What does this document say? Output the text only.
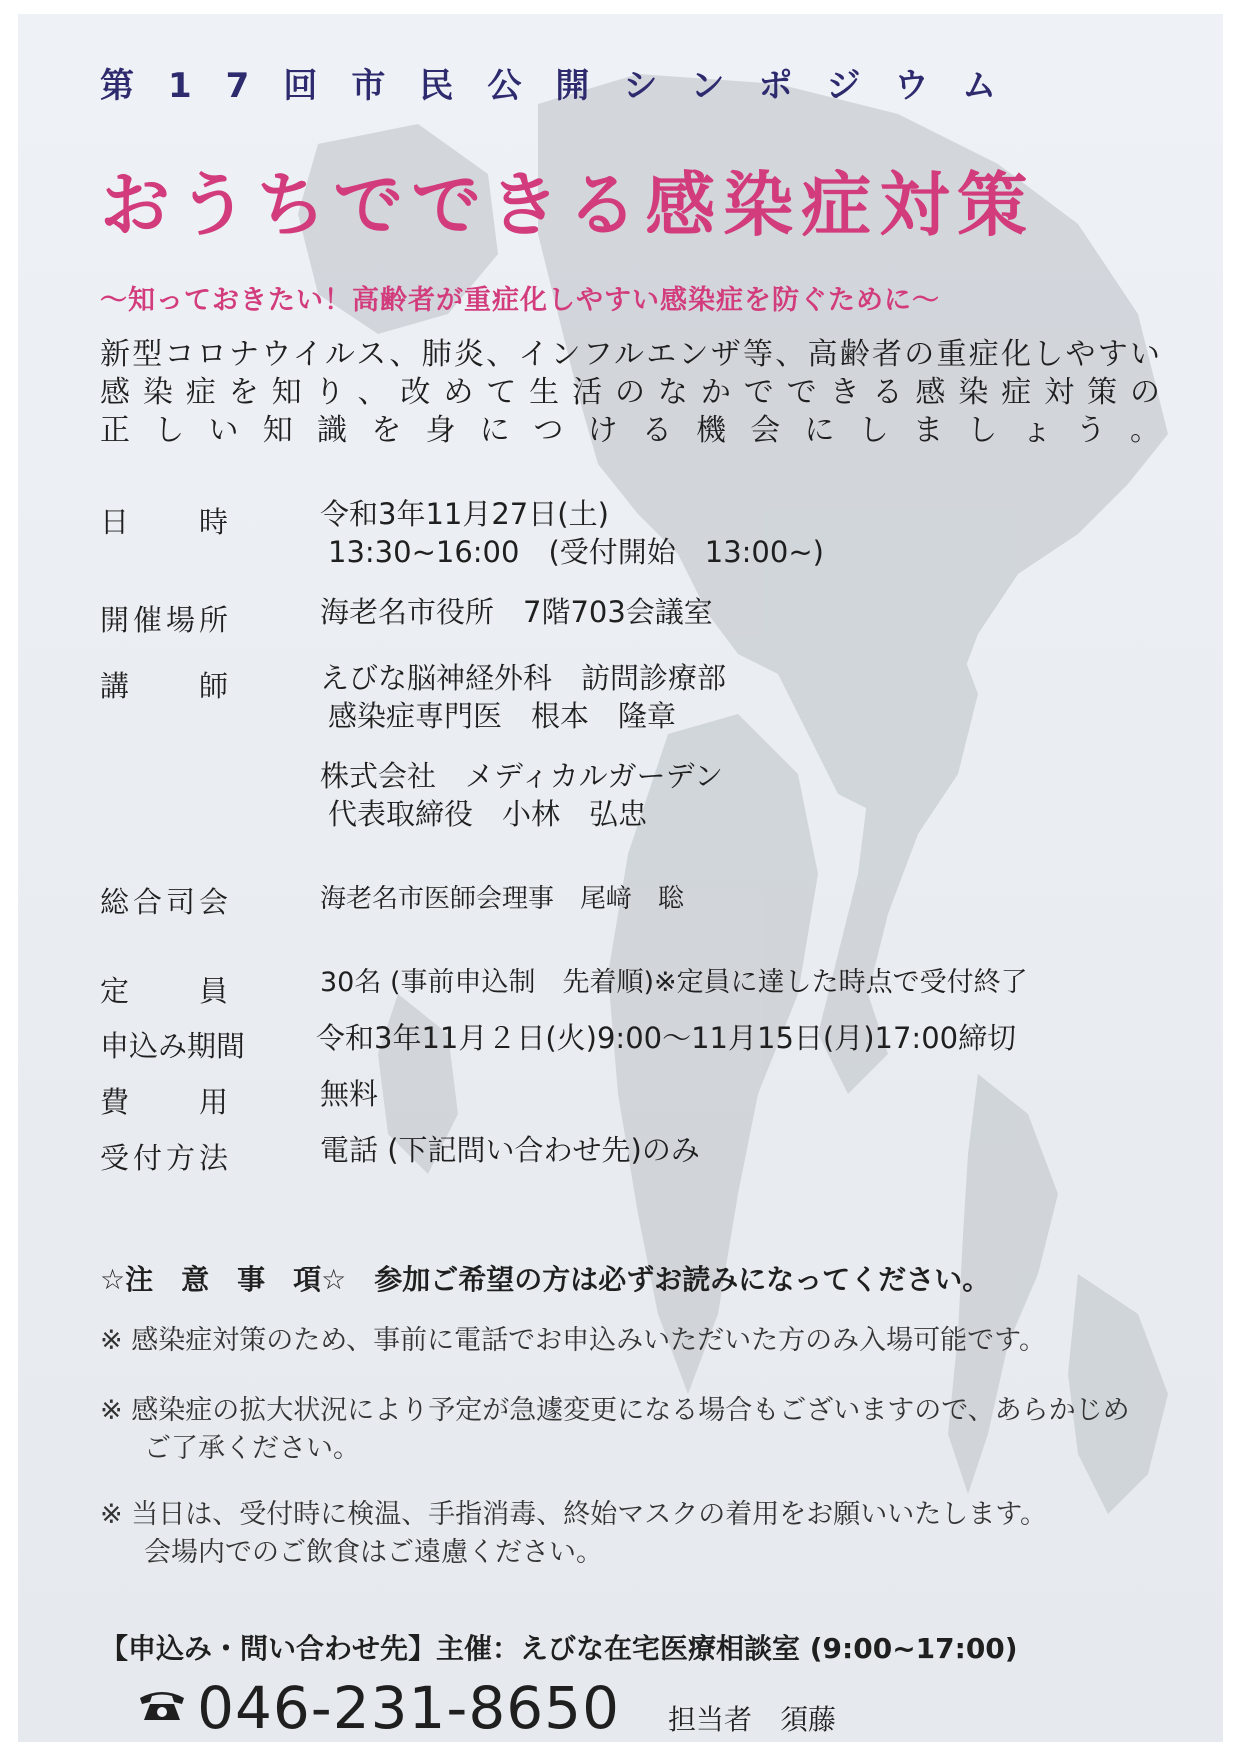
第17回市民公開シンポジウム
おうちでできる感染症対策
～知っておきたい！高齢者が重症化しやすい感染症を防ぐために～
新型コロナウイルス、肺炎、インフルエンザ等、高齢者の重症化しやすい
感染症を知り、改めて生活のなかでできる感染症対策の
正しい知識を身につける機会にしましょう。
日時	令和3年11月27日(土)
13:30~16:00　(受付開始　13:00~)
開催場所	海老名市役所　7階703会議室
講師	えびな脳神経外科　訪問診療部
感染症専門医　根本　隆章
株式会社　メディカルガーデン
代表取締役　小林　弘忠
総合司会	海老名市医師会理事　尾﨑　聡
定員	30名 (事前申込制　先着順)※定員に達した時点で受付終了
申込み期間 令和3年11月２日(火)9:00～11月15日(月)17:00締切
費用	無料
受付方法	電話 (下記問い合わせ先)のみ
☆注　意　事　項☆　参加ご希望の方は必ずお読みになってください。
※ 感染症対策のため、事前に電話でお申込みいただいた方のみ入場可能です。
※ 感染症の拡大状況により予定が急遽変更になる場合もございますので、あらかじめ
ご了承ください。
※ 当日は、受付時に検温、手指消毒、終始マスクの着用をお願いいたします。
会場内でのご飲食はご遠慮ください。
【申込み・問い合わせ先】主催：えびな在宅医療相談室 (9:00~17:00)
046-231-8650 担当者　須藤
